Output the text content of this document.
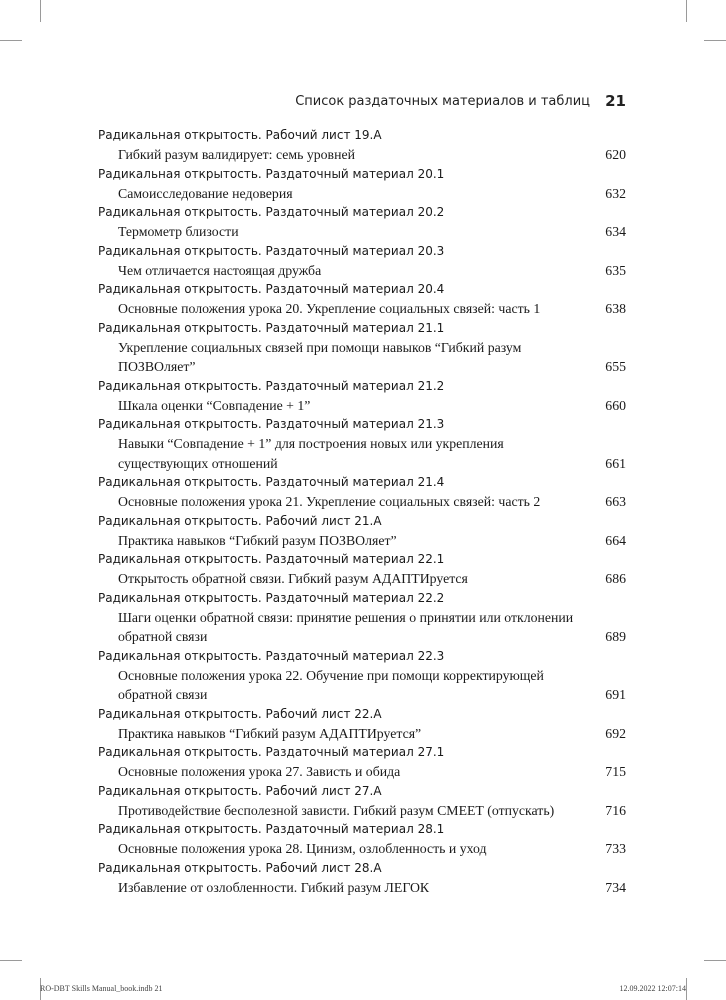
Список раздаточных материалов и таблиц 21
Радикальная открытость. Рабочий лист 19.A
Гибкий разум валидирует: семь уровней	620
Радикальная открытость. Раздаточный материал 20.1
Самоисследование недоверия	632
Радикальная открытость. Раздаточный материал 20.2
Термометр близости	634
Радикальная открытость. Раздаточный материал 20.3
Чем отличается настоящая дружба	635
Радикальная открытость. Раздаточный материал 20.4
Основные положения урока 20. Укрепление социальных связей: часть 1	638
Радикальная открытость. Раздаточный материал 21.1
Укрепление социальных связей при помощи навыков “Гибкий разум ПОЗВОляет”	655
Радикальная открытость. Раздаточный материал 21.2
Шкала оценки “Совпадение + 1”	660
Радикальная открытость. Раздаточный материал 21.3
Навыки “Совпадение + 1” для построения новых или укрепления существующих отношений	661
Радикальная открытость. Раздаточный материал 21.4
Основные положения урока 21. Укрепление социальных связей: часть 2	663
Радикальная открытость. Рабочий лист 21.A
Практика навыков “Гибкий разум ПОЗВОляет”	664
Радикальная открытость. Раздаточный материал 22.1
Открытость обратной связи. Гибкий разум АДАПТИруется	686
Радикальная открытость. Раздаточный материал 22.2
Шаги оценки обратной связи: принятие решения о принятии или отклонении обратной связи	689
Радикальная открытость. Раздаточный материал 22.3
Основные положения урока 22. Обучение при помощи корректирующей обратной связи	691
Радикальная открытость. Рабочий лист 22.A
Практика навыков “Гибкий разум АДАПТИруется”	692
Радикальная открытость. Раздаточный материал 27.1
Основные положения урока 27. Зависть и обида	715
Радикальная открытость. Рабочий лист 27.A
Противодействие бесполезной зависти. Гибкий разум СМЕЕТ (отпускать)	716
Радикальная открытость. Раздаточный материал 28.1
Основные положения урока 28. Цинизм, озлобленность и уход	733
Радикальная открытость. Рабочий лист 28.A
Избавление от озлобленности. Гибкий разум ЛЕГОК	734
RO-DBT Skills Manual_book.indb 21	12.09.2022 12:07:14
